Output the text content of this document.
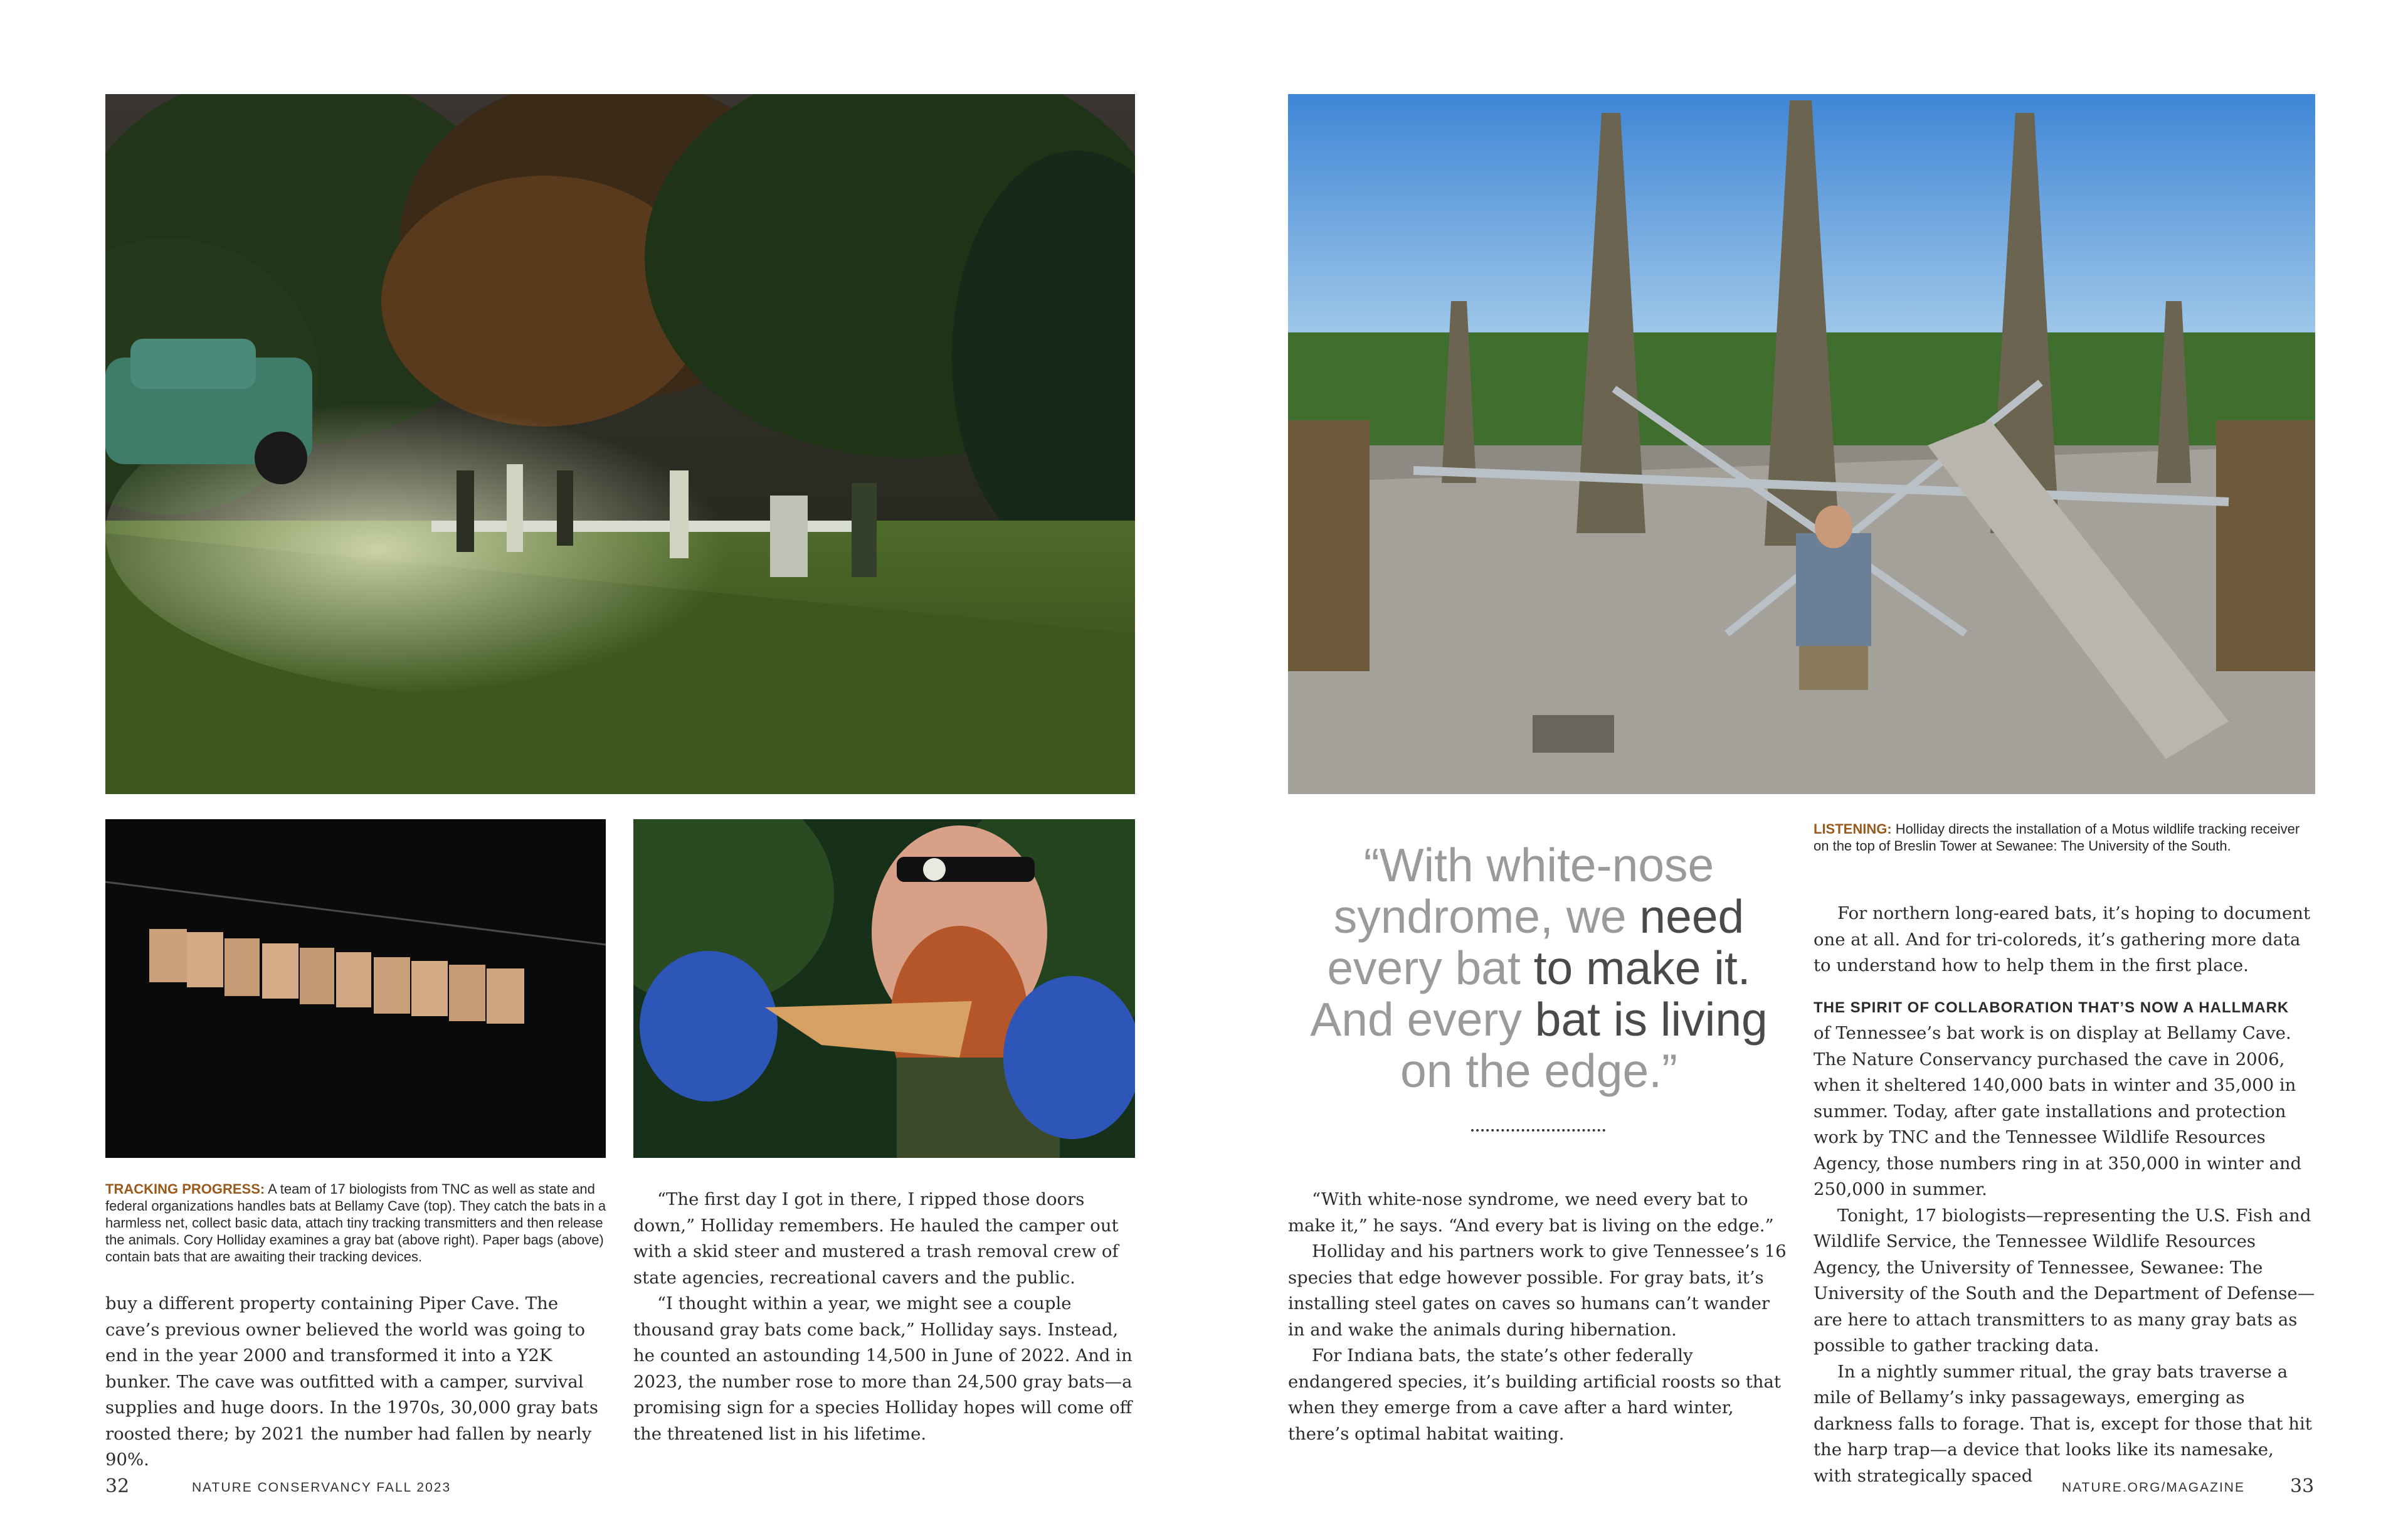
TRACKING PROGRESS: A team of 17 biologists from TNC as well as state and federal organizations handles bats at Bellamy Cave (top). They catch the bats in a harmless net, collect basic data, attach tiny tracking transmitters and then release the animals. Cory Holliday examines a gray bat (above right). Paper bags (above) contain bats that are awaiting their tracking devices.

buy a different property containing Piper Cave. The cave’s previous owner believed the world was going to end in the year 2000 and transformed it into a Y2K bunker. The cave was outfitted with a camper, survival supplies and huge doors. In the 1970s, 30,000 gray bats roosted there; by 2021 the number had fallen by nearly 90%.

“The first day I got in there, I ripped those doors down,” Holliday remembers. He hauled the camper out with a skid steer and mustered a trash removal crew of state agencies, recreational cavers and the public.

“I thought within a year, we might see a couple thousand gray bats come back,” Holliday says. Instead, he counted an astounding 14,500 in June of 2022. And in 2023, the number rose to more than 24,500 gray bats—a promising sign for a species Holliday hopes will come off the threatened list in his lifetime.

LISTENING: Holliday directs the installation of a Motus wildlife tracking receiver on the top of Breslin Tower at Sewanee: The University of the South.
“With white-nose
syndrome, we need
every bat to make it.
And every bat is living
on the edge.”

“With white-nose syndrome, we need every bat to make it,” he says. “And every bat is living on the edge.”

Holliday and his partners work to give Tennessee’s 16 species that edge however possible. For gray bats, it’s installing steel gates on caves so humans can’t wander in and wake the animals during hibernation.

For Indiana bats, the state’s other federally endangered species, it’s building artificial roosts so that when they emerge from a cave after a hard winter, there’s optimal habitat waiting.

For northern long-eared bats, it’s hoping to document one at all. And for tri-coloreds, it’s gathering more data to understand how to help them in the first place.

THE SPIRIT OF COLLABORATION THAT’S NOW A HALLMARK
of Tennessee’s bat work is on display at Bellamy Cave. The Nature Conservancy purchased the cave in 2006, when it sheltered 140,000 bats in winter and 35,000 in summer. Today, after gate installations and protection work by TNC and the Tennessee Wildlife Resources Agency, those numbers ring in at 350,000 in winter and 250,000 in summer.

Tonight, 17 biologists—representing the U.S. Fish and Wildlife Service, the Tennessee Wildlife Resources Agency, the University of Tennessee, Sewanee: The University of the South and the Department of Defense—are here to attach transmitters to as many gray bats as possible to gather tracking data.

In a nightly summer ritual, the gray bats traverse a mile of Bellamy’s inky passageways, emerging as darkness falls to forage. That is, except for those that hit the harp trap—a device that looks like its namesake, with strategically spaced

32	NATURE CONSERVANCY FALL 2023	NATURE.ORG/MAGAZINE 33
